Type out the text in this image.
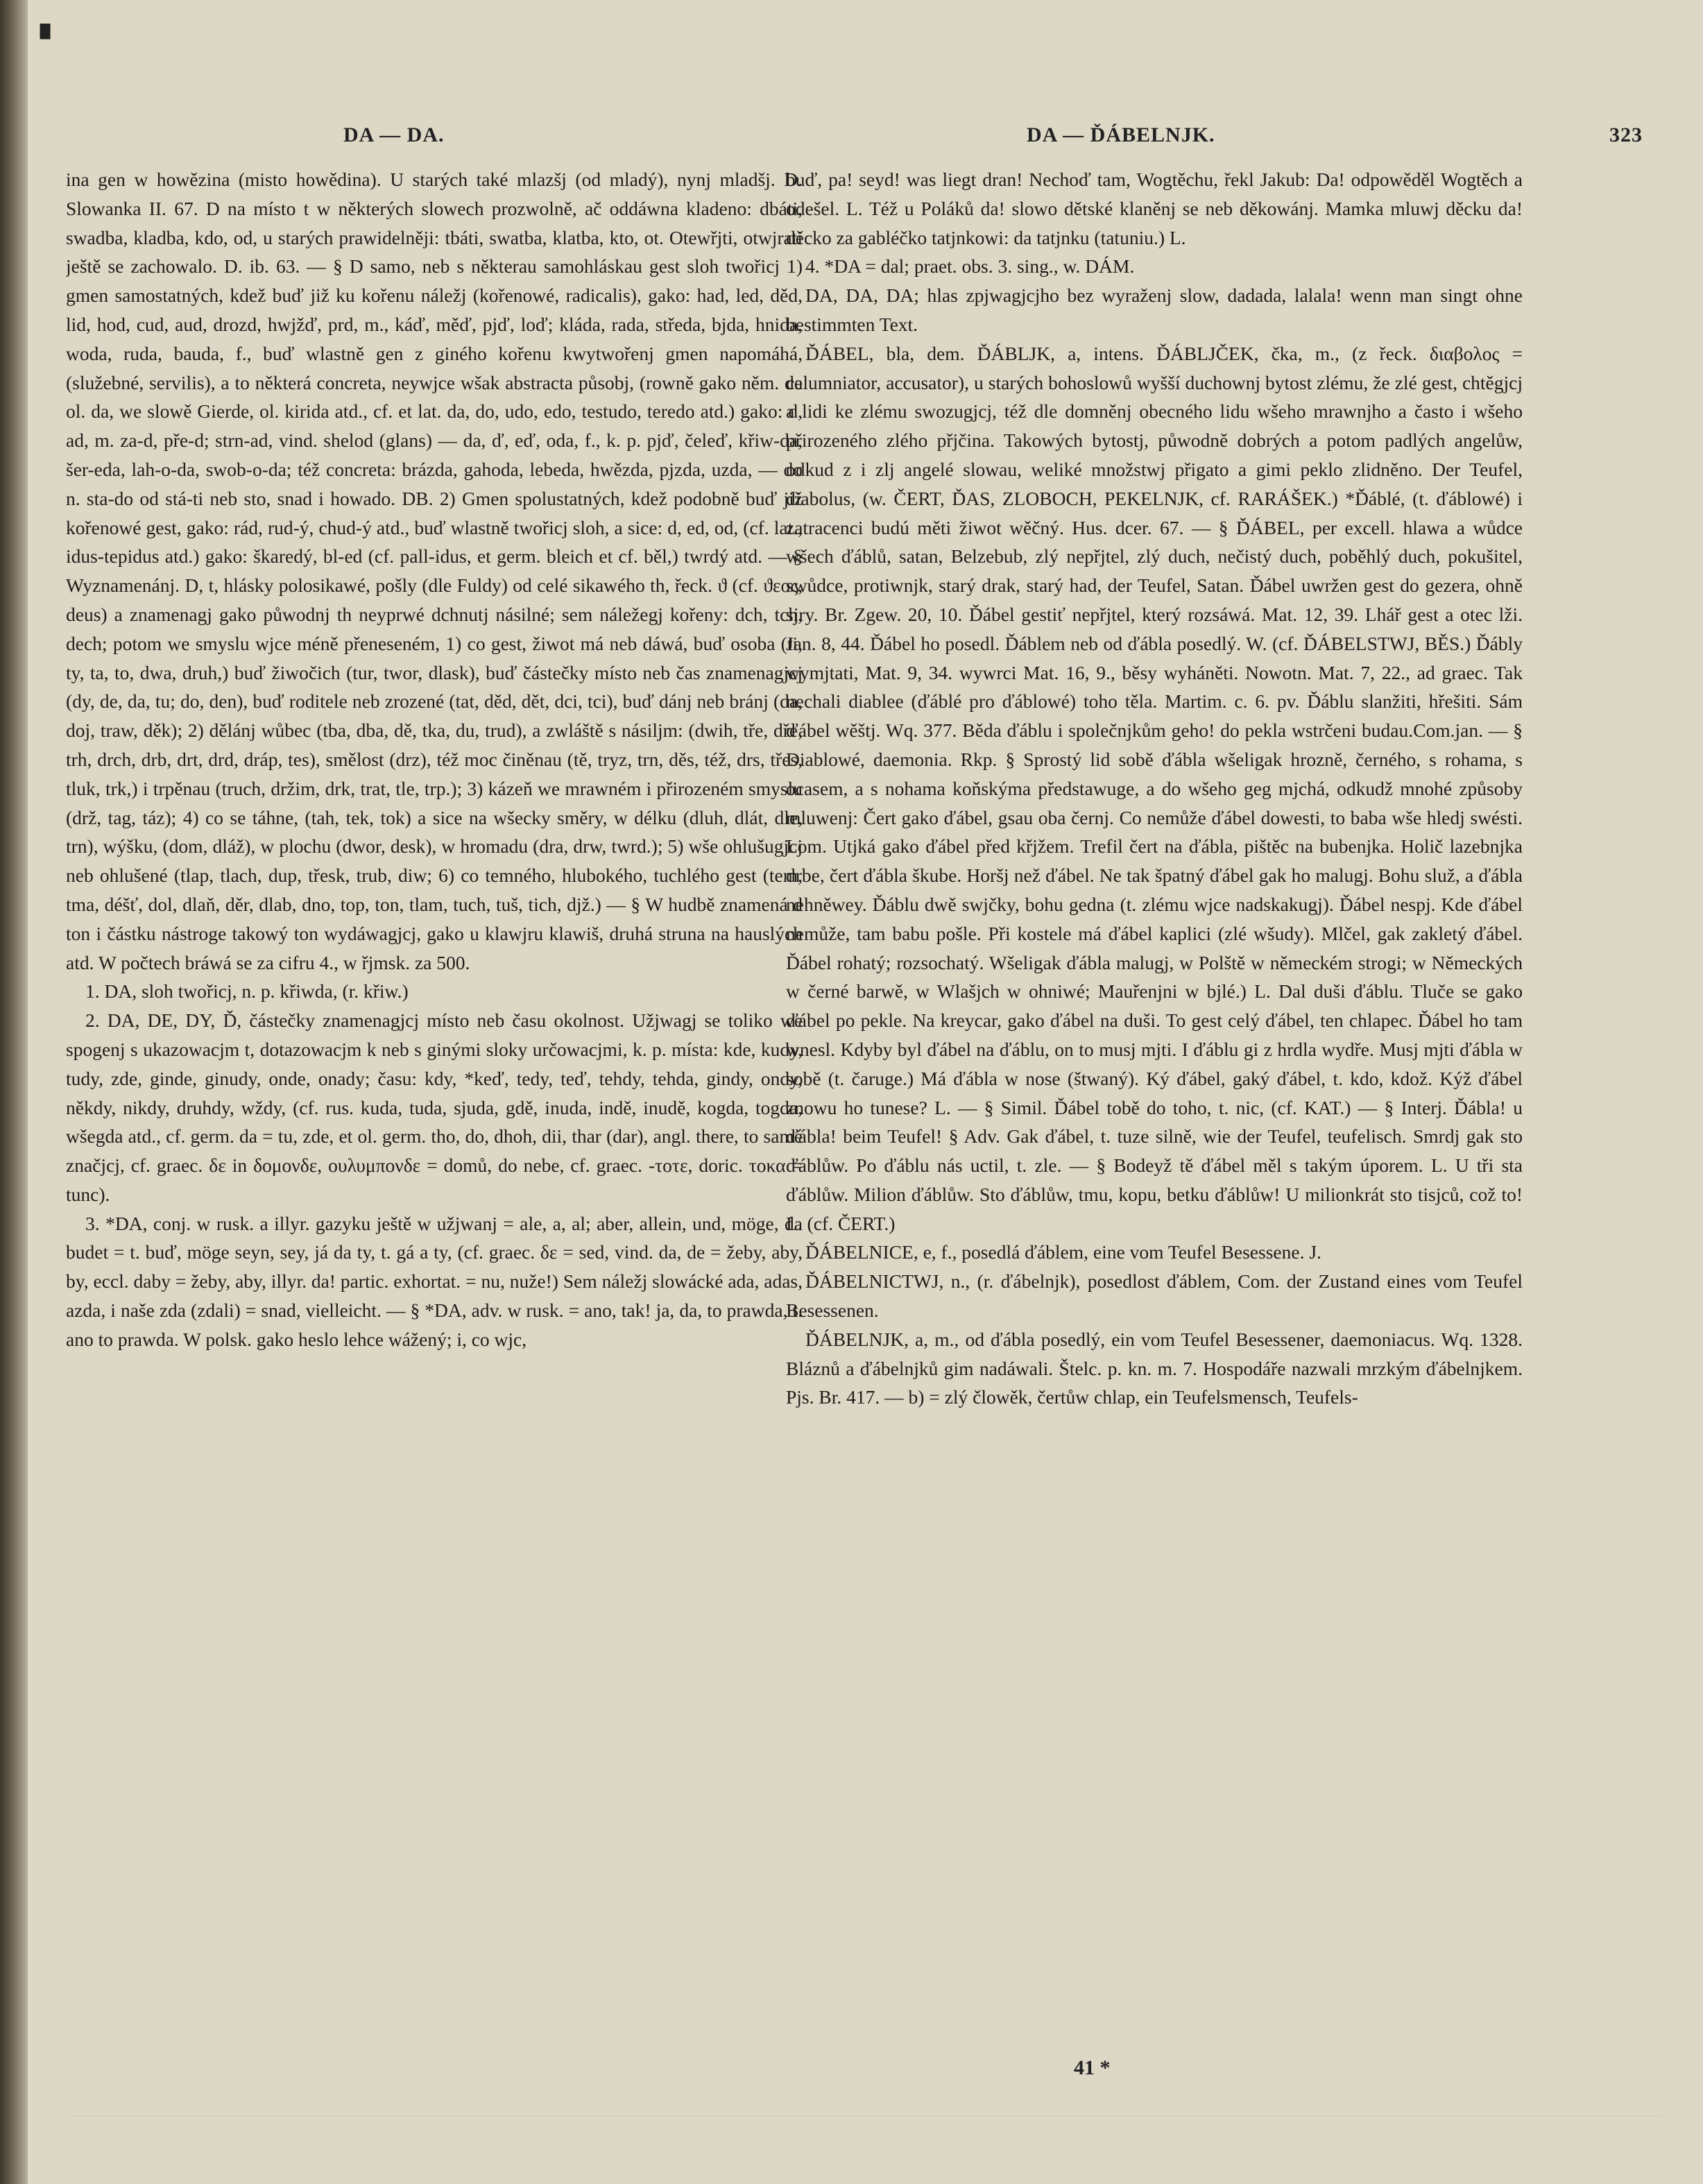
▖
DA — DA.	DA — ĎÁBELNJK.	323

ina gen w howězina (misto howědina). U starých také mlazšj (od mladý), nynj mladšj. D. Slowanka II. 67. D na místo t w některých slowech prozwolně, ač oddáwna kladeno: dbáti, swadba, kladba, kdo, od, u starých prawidelněji: tbáti, swatba, klatba, kto, ot. Otewřjti, otwjrati ještě se zachowalo. D. ib. 63. — § D samo, neb s některau samohláskau gest sloh twořicj 1) gmen samostatných, kdež buď již ku kořenu náležj (kořenowé, radicalis), gako: had, led, děd, lid, hod, cud, aud, drozd, hwjžď, prd, m., káď, měď, pjď, loď; kláda, rada, středa, bjda, hnida, woda, ruda, bauda, f., buď wlastně gen z giného kořenu kwytwořenj gmen napomáhá, (služebné, servilis), a to některá concreta, neywjce wšak abstracta působj, (rowně gako něm. de ol. da, we slowě Gierde, ol. kirida atd., cf. et lat. da, do, udo, edo, testudo, teredo atd.) gako: d, ad, m. za-d, pře-d; strn-ad, vind. shelod (glans) — da, ď, eď, oda, f., k. p. pjď, čeleď, křiw-da, šer-eda, lah-o-da, swob-o-da; též concreta: brázda, gahoda, lebeda, hwězda, pjzda, uzda, — do n. sta-do od stá-ti neb sto, snad i howado. DB. 2) Gmen spolustatných, kdež podobně buď již kořenowé gest, gako: rád, rud-ý, chud-ý atd., buď wlastně twořicj sloh, a sice: d, ed, od, (cf. lat., idus-tepidus atd.) gako: škaredý, bl-ed (cf. pall-idus, et germ. bleich et cf. běl,) twrdý atd. — § Wyznamenánj. D, t, hlásky polosikawé, pošly (dle Fuldy) od celé sikawého th, řeck. ϑ (cf. ϑεος, deus) a znamenagj gako půwodnj th neyprwé dchnutj násilné; sem náležegj kořeny: dch, tch, dech; potom we smyslu wjce méně přeneseném, 1) co gest, žiwot má neb dáwá, buď osoba (ti, ty, ta, to, dwa, druh,) buď žiwočich (tur, twor, dlask), buď částečky místo neb čas znamenagjcj (dy, de, da, tu; do, den), buď roditele neb zrozené (tat, děd, dět, dci, tci), buď dánj neb bránj (da, doj, traw, děk); 2) dělánj wůbec (tba, dba, dě, tka, du, trud), a zwláště s násiljm: (dwih, tře, dře, trh, drch, drb, drt, drd, dráp, tes), smělost (drz), též moc činěnau (tě, tryz, trn, děs, též, drs, třes, tluk, trk,) i trpěnau (truch, držim, drk, trat, tle, trp.); 3) kázeň we mrawném i přirozeném smyslu (drž, tag, táz); 4) co se táhne, (tah, tek, tok) a sice na wšecky směry, w délku (dluh, dlát, dle, trn), wýšku, (dom, dláž), w plochu (dwor, desk), w hromadu (dra, drw, twrd.); 5) wše ohlušugjcj neb ohlušené (tlap, tlach, dup, třesk, trub, diw; 6) co temného, hlubokého, tuchlého gest (tem, tma, déšť, dol, dlaň, děr, dlab, dno, top, ton, tlam, tuch, tuš, tich, djž.) — § W hudbě znamená d ton i částku nástroge takowý ton wydáwagjcj, gako u klawjru klawiš, druhá struna na hauslých atd. W počtech bráwá se za cifru 4., w řjmsk. za 500.

1. DA, sloh twořicj, n. p. křiwda, (r. křiw.)

2. DA, DE, DY, Ď, částečky znamenagjcj místo neb času okolnost. Užjwagj se toliko we spogenj s ukazowacjm t, dotazowacjm k neb s ginými sloky určowacjmi, k. p. místa: kde, kudy, tudy, zde, ginde, ginudy, onde, onady; času: kdy, *keď, tedy, teď, tehdy, tehda, gindy, ondy, někdy, nikdy, druhdy, wždy, (cf. rus. kuda, tuda, sjuda, gdě, inuda, indě, inudě, kogda, togda, wšegda atd., cf. germ. da = tu, zde, et ol. germ. tho, do, dhoh, dii, thar (dar), angl. there, to samé značjcj, cf. graec. δε in δομονδε, ουλυμπονδε = domů, do nebe, cf. graec. -τοτε, doric. τοκα = tunc).

3. *DA, conj. w rusk. a illyr. gazyku ještě w užjwanj = ale, a, al; aber, allein, und, möge, da budet = t. buď, möge seyn, sey, já da ty, t. gá a ty, (cf. graec. δε = sed, vind. da, de = žeby, aby, by, eccl. daby = žeby, aby, illyr. da! partic. exhortat. = nu, nuže!) Sem náležj slowácké ada, adas, azda, i naše zda (zdali) = snad, vielleicht. — § *DA, adv. w rusk. = ano, tak! ja, da, to prawda, t. ano to prawda. W polsk. gako heslo lehce wážený; i, co wjc,

buď, pa! seyd! was liegt dran! Nechoď tam, Wogtěchu, řekl Jakub: Da! odpowěděl Wogtěch a odešel. L. Též u Poláků da! slowo dětské klaněnj se neb děkowánj. Mamka mluwj děcku da! děcko za gabléčko tatjnkowi: da tatjnku (tatuniu.) L.

4. *DA = dal; praet. obs. 3. sing., w. DÁM.

DA, DA, DA; hlas zpjwagjcjho bez wyraženj slow, dadada, lalala! wenn man singt ohne bestimmten Text.

ĎÁBEL, bla, dem. ĎÁBLJK, a, intens. ĎÁBLJČEK, čka, m., (z řeck. διαβολος = calumniator, accusator), u starých bohoslowů wyšší duchownj bytost zlému, že zlé gest, chtěgjcj a lidi ke zlému swozugjcj, též dle domněnj obecného lidu wšeho mrawnjho a často i wšeho přirozeného zlého přjčina. Takowých bytostj, půwodně dobrých a potom padlých angelůw, odkud z i zlj angelé slowau, weliké množstwj přigato a gimi peklo zlidněno. Der Teufel, diabolus, (w. ČERT, ĎAS, ZLOBOCH, PEKELNJK, cf. RARÁŠEK.) *Ďáblé, (t. ďáblowé) i zatracenci budú měti žiwot wěčný. Hus. dcer. 67. — § ĎÁBEL, per excell. hlawa a wůdce wšech ďáblů, satan, Belzebub, zlý nepřjtel, zlý duch, nečistý duch, poběhlý duch, pokušitel, swůdce, protiwnjk, starý drak, starý had, der Teufel, Satan. Ďábel uwržen gest do gezera, ohně sjry. Br. Zgew. 20, 10. Ďábel gestiť nepřjtel, který rozsáwá. Mat. 12, 39. Lhář gest a otec lži. Jan. 8, 44. Ďábel ho posedl. Ďáblem neb od ďábla posedlý. W. (cf. ĎÁBELSTWJ, BĚS.) Ďábly wymjtati, Mat. 9, 34. wywrci Mat. 16, 9., běsy wyháněti. Nowotn. Mat. 7, 22., ad graec. Tak nechali diablee (ďáblé pro ďáblowé) toho těla. Martim. c. 6. pv. Ďáblu slanžiti, hřešiti. Sám ďábel wěštj. Wq. 377. Běda ďáblu i společnjkům geho! do pekla wstrčeni budau.Com.jan. — § Diablowé, daemonia. Rkp. § Sprostý lid sobě ďábla wšeligak hrozně, černého, s rohama, s ocasem, a s nohama koňskýma předstawuge, a do wšeho geg mjchá, odkudž mnohé způsoby mluwenj: Čert gako ďábel, gsau oba černj. Co nemůže ďábel dowesti, to baba wše hledj swésti. Lom. Utjká gako ďábel před křjžem. Trefil čert na ďábla, pištěc na bubenjka. Holič lazebnjka drbe, čert ďábla škube. Horšj než ďábel. Ne tak špatný ďábel gak ho malugj. Bohu služ, a ďábla nehněwey. Ďáblu dwě swjčky, bohu gedna (t. zlému wjce nadskakugj). Ďábel nespj. Kde ďábel nemůže, tam babu pošle. Při kostele má ďábel kaplici (zlé wšudy). Mlčel, gak zakletý ďábel. Ďábel rohatý; rozsochatý. Wšeligak ďábla malugj, w Polště w německém strogi; w Německých w černé barwě, w Wlašjch w ohniwé; Mauřenjni w bjlé.) L. Dal duši ďáblu. Tluče se gako ďábel po pekle. Na kreycar, gako ďábel na duši. To gest celý ďábel, ten chlapec. Ďábel ho tam wnesl. Kdyby byl ďábel na ďáblu, on to musj mjti. I ďáblu gi z hrdla wydře. Musj mjti ďábla w sobě (t. čaruge.) Má ďábla w nose (štwaný). Ký ďábel, gaký ďábel, t. kdo, kdož. Kýž ďábel znowu ho tunese? L. — § Simil. Ďábel tobě do toho, t. nic, (cf. KAT.) — § Interj. Ďábla! u ďábla! beim Teufel! § Adv. Gak ďábel, t. tuze silně, wie der Teufel, teufelisch. Smrdj gak sto ďáblůw. Po ďáblu nás uctil, t. zle. — § Bodeyž tě ďábel měl s takým úporem. L. U tři sta ďáblůw. Milion ďáblůw. Sto ďáblůw, tmu, kopu, betku ďáblůw! U milionkrát sto tisjců, což to! L. (cf. ČERT.)

ĎÁBELNICE, e, f., posedlá ďáblem, eine vom Teufel Besessene. J.

ĎÁBELNICTWJ, n., (r. ďábelnjk), posedlost ďáblem, Com. der Zustand eines vom Teufel Besessenen.

ĎÁBELNJK, a, m., od ďábla posedlý, ein vom Teufel Besessener, daemoniacus. Wq. 1328. Bláznů a ďábelnjků gim nadáwali. Štelc. p. kn. m. 7. Hospodáře nazwali mrzkým ďábelnjkem. Pjs. Br. 417. — b) = zlý člowěk, čertůw chlap, ein Teufelsmensch, Teufels-

41 *
